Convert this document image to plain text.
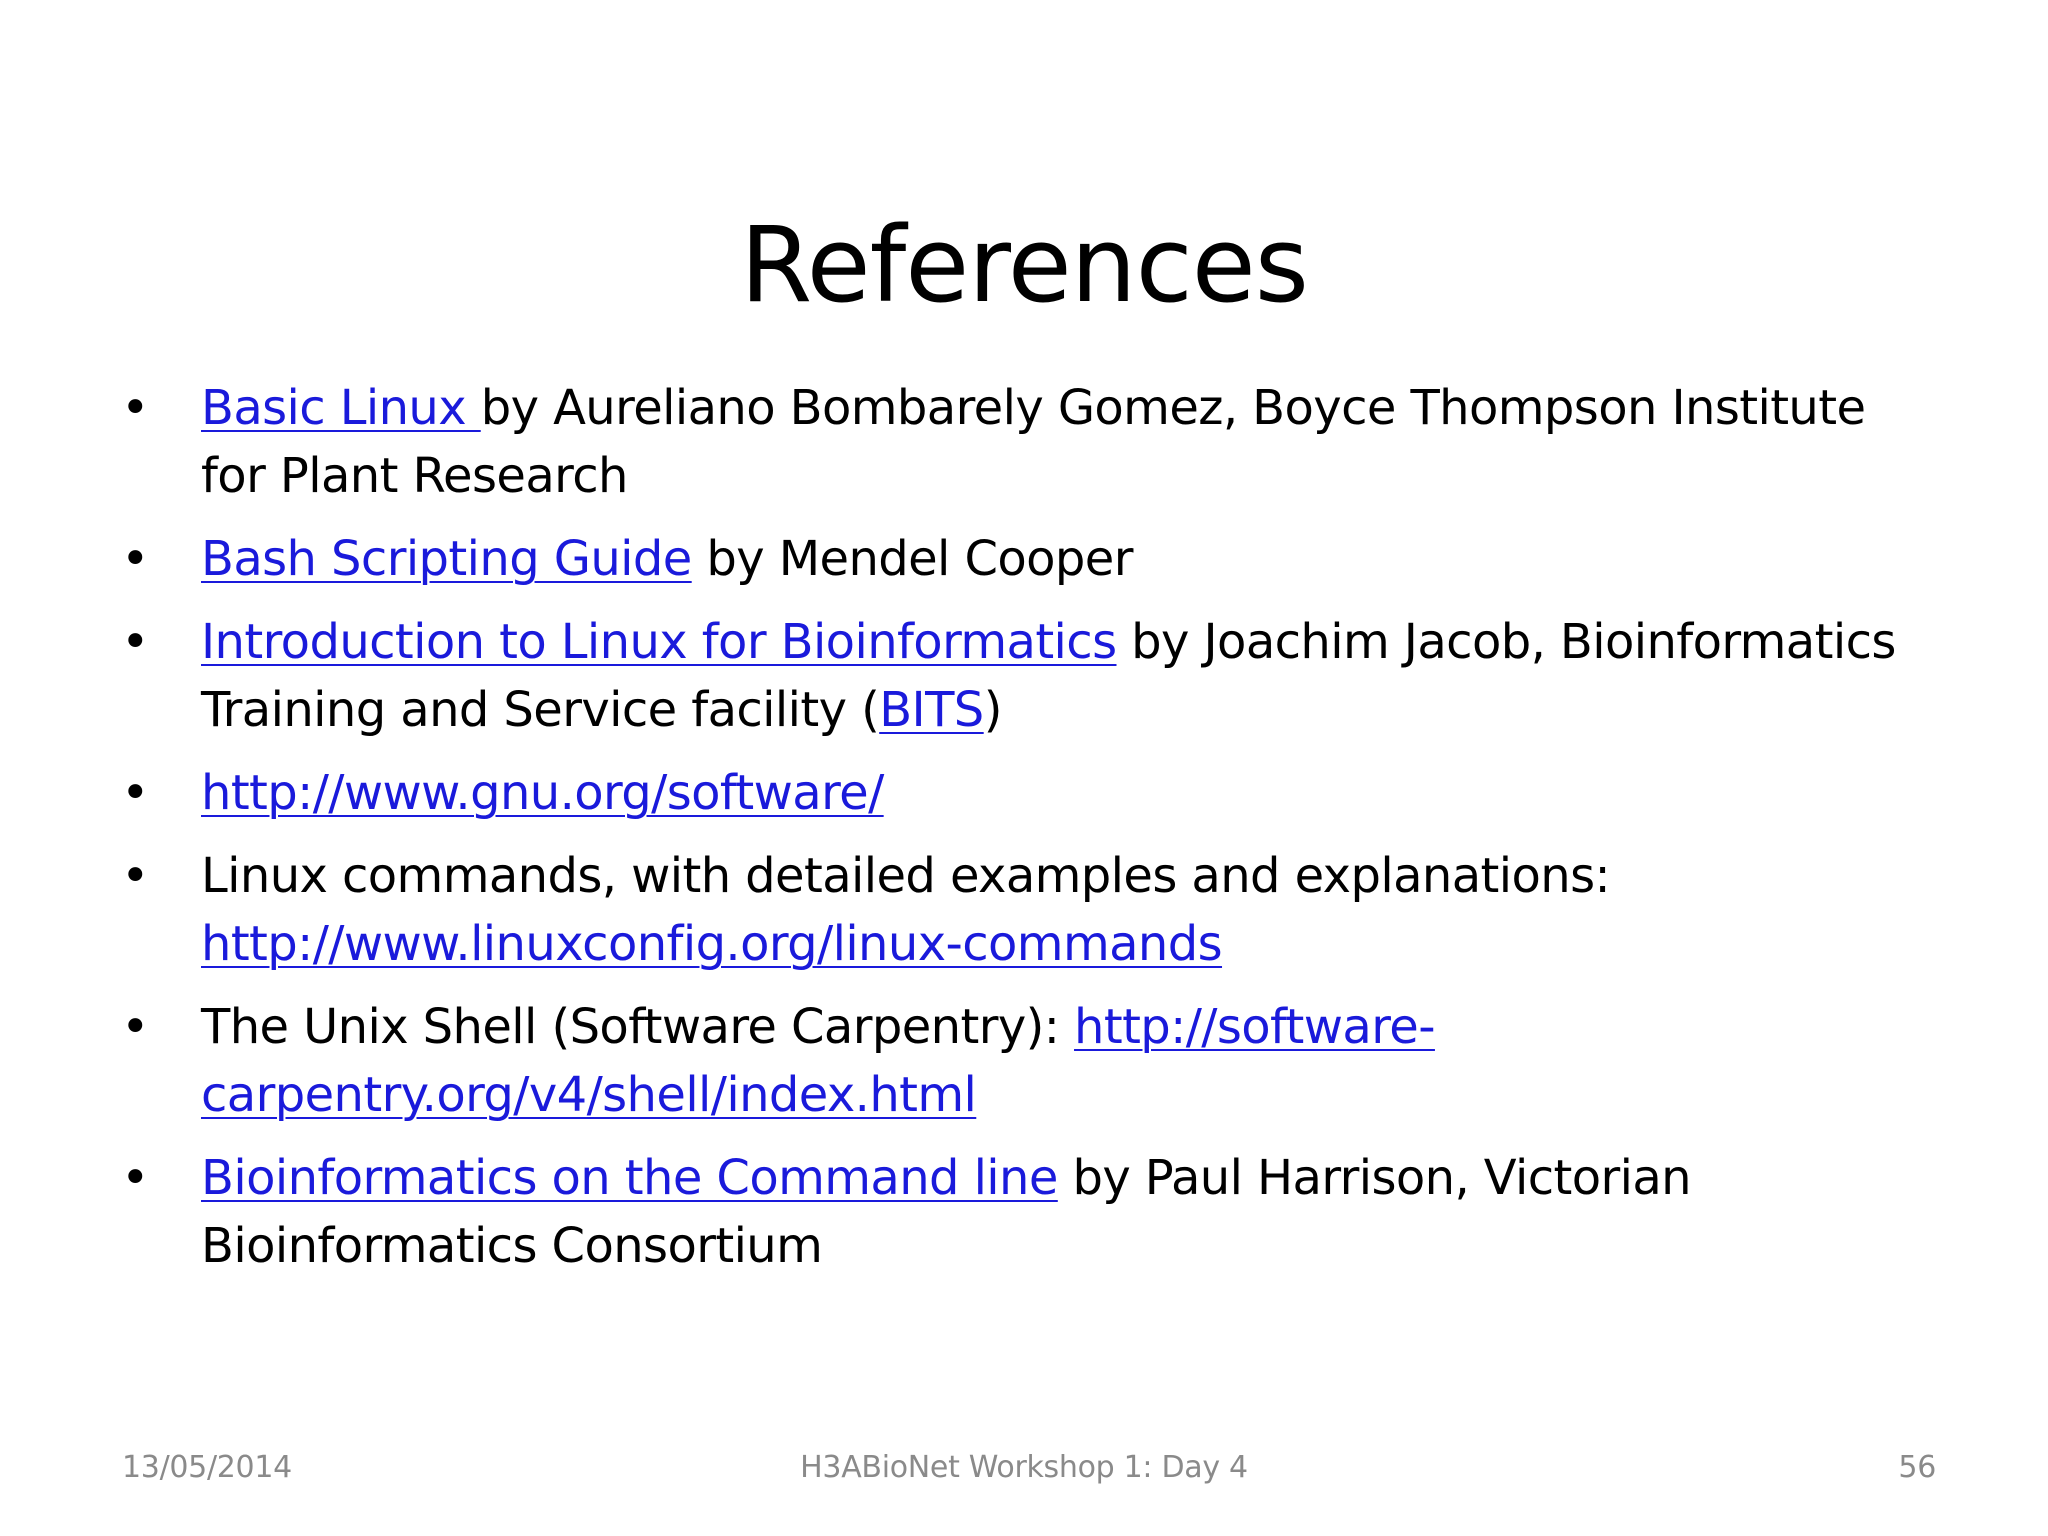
References
• Basic Linux by Aureliano Bombarely Gomez, Boyce Thompson Institute for Plant Research
• Bash Scripting Guide by Mendel Cooper
• Introduction to Linux for Bioinformatics by Joachim Jacob, Bioinformatics Training and Service facility (BITS)
• http://www.gnu.org/software/
• Linux commands, with detailed examples and explanations: http://www.linuxconfig.org/linux-commands
• The Unix Shell (Software Carpentry): http://software-carpentry.org/v4/shell/index.html
• Bioinformatics on the Command line by Paul Harrison, Victorian Bioinformatics Consortium
13/05/2014	H3ABioNet Workshop 1: Day 4	56
